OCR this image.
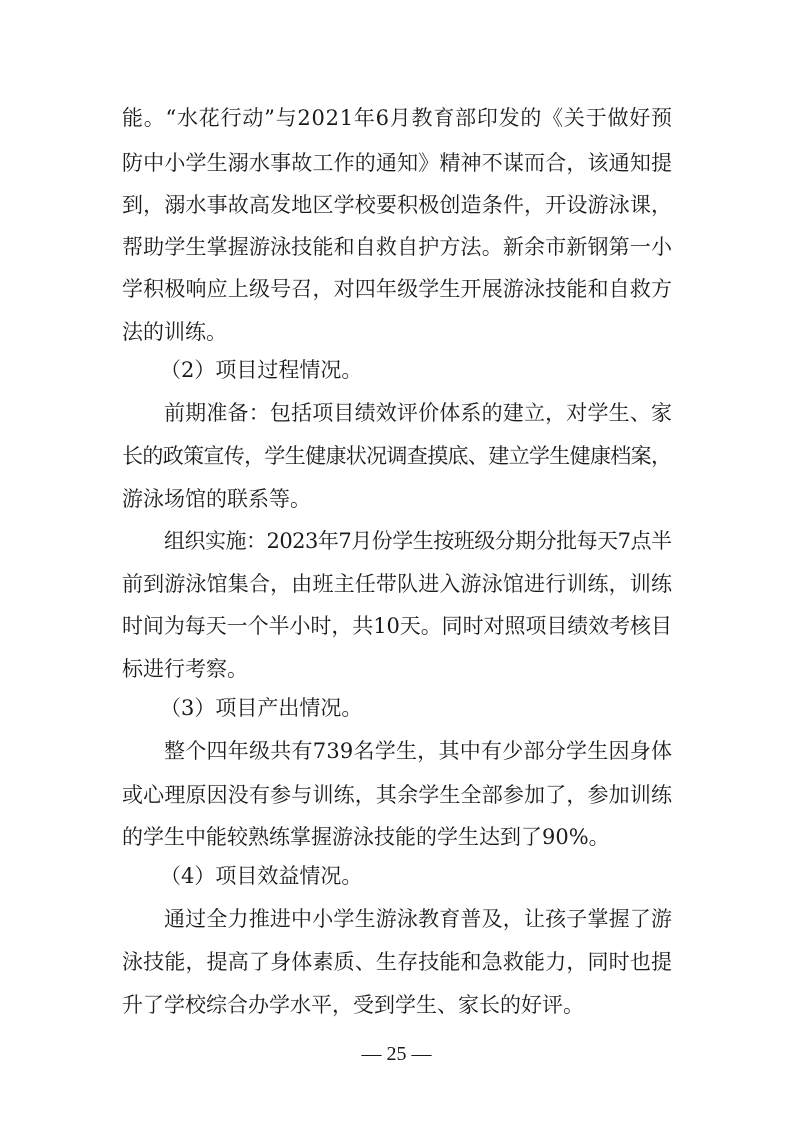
能。“水花行动”与2021年6月教育部印发的《关于做好预
防中小学生溺水事故工作的通知》精神不谋而合，该通知提
到，溺水事故高发地区学校要积极创造条件，开设游泳课，
帮助学生掌握游泳技能和自救自护方法。新余市新钢第一小
学积极响应上级号召，对四年级学生开展游泳技能和自救方
法的训练。
（2）项目过程情况。
前期准备：包括项目绩效评价体系的建立，对学生、家
长的政策宣传，学生健康状况调查摸底、建立学生健康档案，
游泳场馆的联系等。
组织实施：2023年7月份学生按班级分期分批每天7点半
前到游泳馆集合，由班主任带队进入游泳馆进行训练，训练
时间为每天一个半小时，共10天。同时对照项目绩效考核目
标进行考察。
（3）项目产出情况。
整个四年级共有739名学生，其中有少部分学生因身体
或心理原因没有参与训练，其余学生全部参加了，参加训练
的学生中能较熟练掌握游泳技能的学生达到了90%。
（4）项目效益情况。
通过全力推进中小学生游泳教育普及，让孩子掌握了游
泳技能，提高了身体素质、生存技能和急救能力，同时也提
升了学校综合办学水平，受到学生、家长的好评。
— 25 —
